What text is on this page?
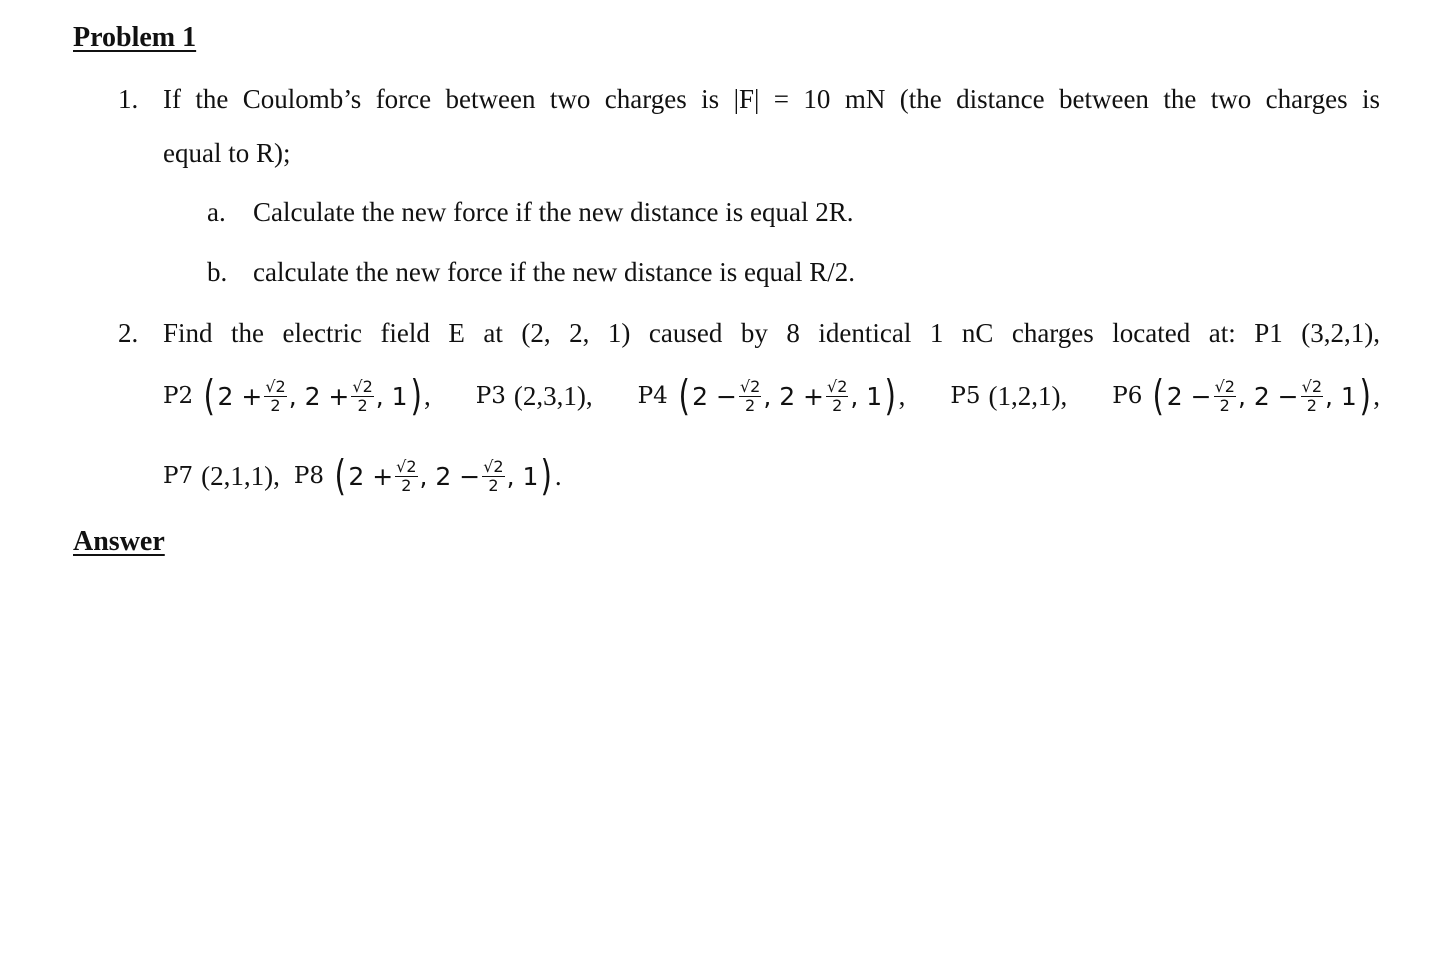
Problem 1
1. If the Coulomb’s force between two charges is |F| = 10 mN (the distance between the two charges is
equal to R);
a. Calculate the new force if the new distance is equal 2R.
b. calculate the new force if the new distance is equal R/2.
2. Find the electric field E at (2, 2, 1) caused by 8 identical 1 nC charges located at: P1 (3,2,1),
P2 ( $2 + \frac{√2}{2}$ , $2 + \frac{√2}{2}$ , 1 ) , P3 (2,3,1), P4 ( $2 - \frac{√2}{2}$ , $2 + \frac{√2}{2}$ , 1 ) , P5 (1,2,1), P6 ( $2 - \frac{√2}{2}$ , $2 - \frac{√2}{2}$ , 1 ) ,
P7 (2,1,1), P8 ( $2 + \frac{√2}{2}$ , $2 - \frac{√2}{2}$ , 1 ) .
Answer
